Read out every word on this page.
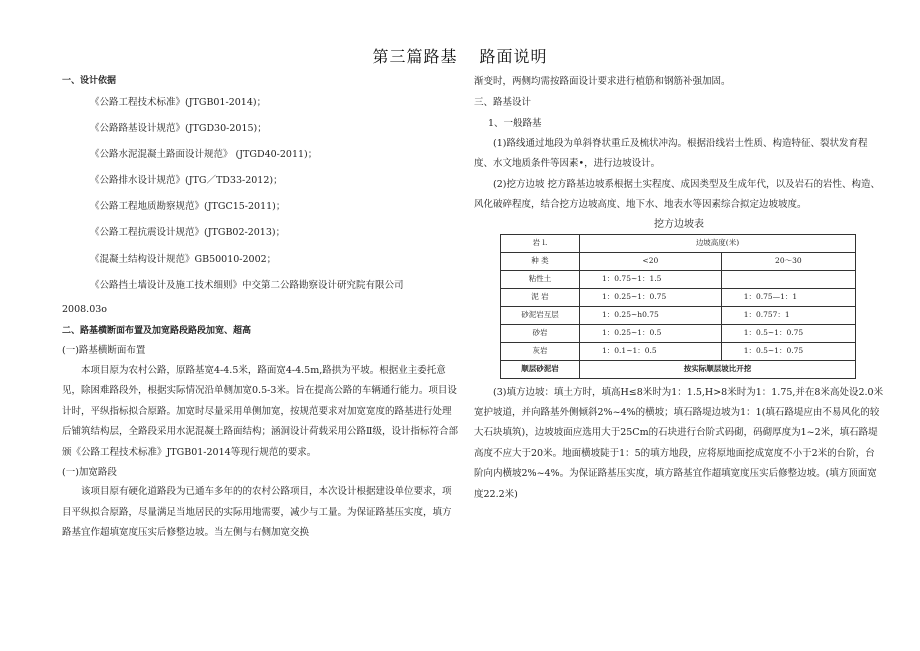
第三篇路基 路面说明

一、设计依据

《公路工程技术标准》(JTGB01-2014)；

《公路路基设计规范》(JTGD30-2015)；

《公路水泥混凝土路面设计规范》 (JTGD40-2011)；

《公路排水设计规范》(JTG／TD33-2012)；

《公路工程地质勘察规范》(JTGC15-2011)；

《公路工程抗震设计规范》(JTGB02-2013)；

《混凝土结构设计规范》GB50010-2002；

《公路挡土墙设计及施工技术细则》中交第二公路勘察设计研究院有限公司

2008.03o

二、路基横断面布置及加宽路段路段加宽、超高

(一)路基横断面布置

本项目原为农村公路，原路基宽4-4.5米，路面宽4-4.5m,路拱为平坡。根据业主委托意见，除困难路段外，根据实际情况沿单侧加宽0.5-3米。旨在提高公路的车辆通行能力。项目设计时，平纵指标拟合原路。加宽时尽量采用单侧加宽，按规范要求对加宽宽度的路基进行处理后铺筑结构层，全路段采用水泥混凝土路面结构；涵洞设计荷载采用公路Ⅱ级，设计指标符合部颁《公路工程技术标准》JTGB01-2014等现行规范的要求。

(一)加宽路段

该项目原有硬化道路段为已通车多年的的农村公路项目，本次设计根据建设单位要求，项目平纵拟合原路，尽量满足当地居民的实际用地需要，减少与工量。为保证路基压实度，填方路基宜作超填宽度压实后修整边坡。当左侧与右侧加宽交换

渐变时，两侧均需按路面设计要求进行植筋和钢筋补强加固。

三、路基设计

1、一般路基

(1)路线通过地段为单斜脊状重丘及梳状冲沟。根据沿线岩土性质、构造特征、裂状发育程度、水文地质条件等因素•，进行边坡设计。

(2)挖方边坡 挖方路基边坡系根据土实程度、成因类型及生成年代，以及岩石的岩性、构造、风化破碎程度，结合挖方边坡高度、地下水、地表水等因素综合拟定边坡坡度。

挖方边坡表

岩 l.	边坡高度(米)	
种 类	<20	20～30
粘性土	1：0.75~1：1.5	
泥 岩	1：0.25~1：0.75	1：0.75—1：1
砂泥岩互层	1：0.25~h0.75	1：0.757：1
砂岩	1：0.25~1：0.5	1：0.5~1：0.75
灰岩	1：0.1~1：0.5	1：0.5~1：0.75
顺层砂泥岩	按实际顺层坡比开挖	

(3)填方边坡：填土方时，填高H≤8米时为1：1.5,H>8米时为1：1.75,并在8米高处设2.0米宽护坡道，并向路基外侧倾斜2%~4%的横坡；填石路堤边坡为1：1(填石路堤应由不易风化的较大石块填筑)，边坡坡面应选用大于25Cm的石块进行台阶式码砌，码砌厚度为1~2米，填石路堤高度不应大于20米。地面横坡陡于1：5的填方地段，应将原地面挖成宽度不小于2米的台阶，台阶向内横坡2%~4%。为保证路基压实度，填方路基宜作超填宽度压实后修整边坡。(填方顶面宽度22.2米)
